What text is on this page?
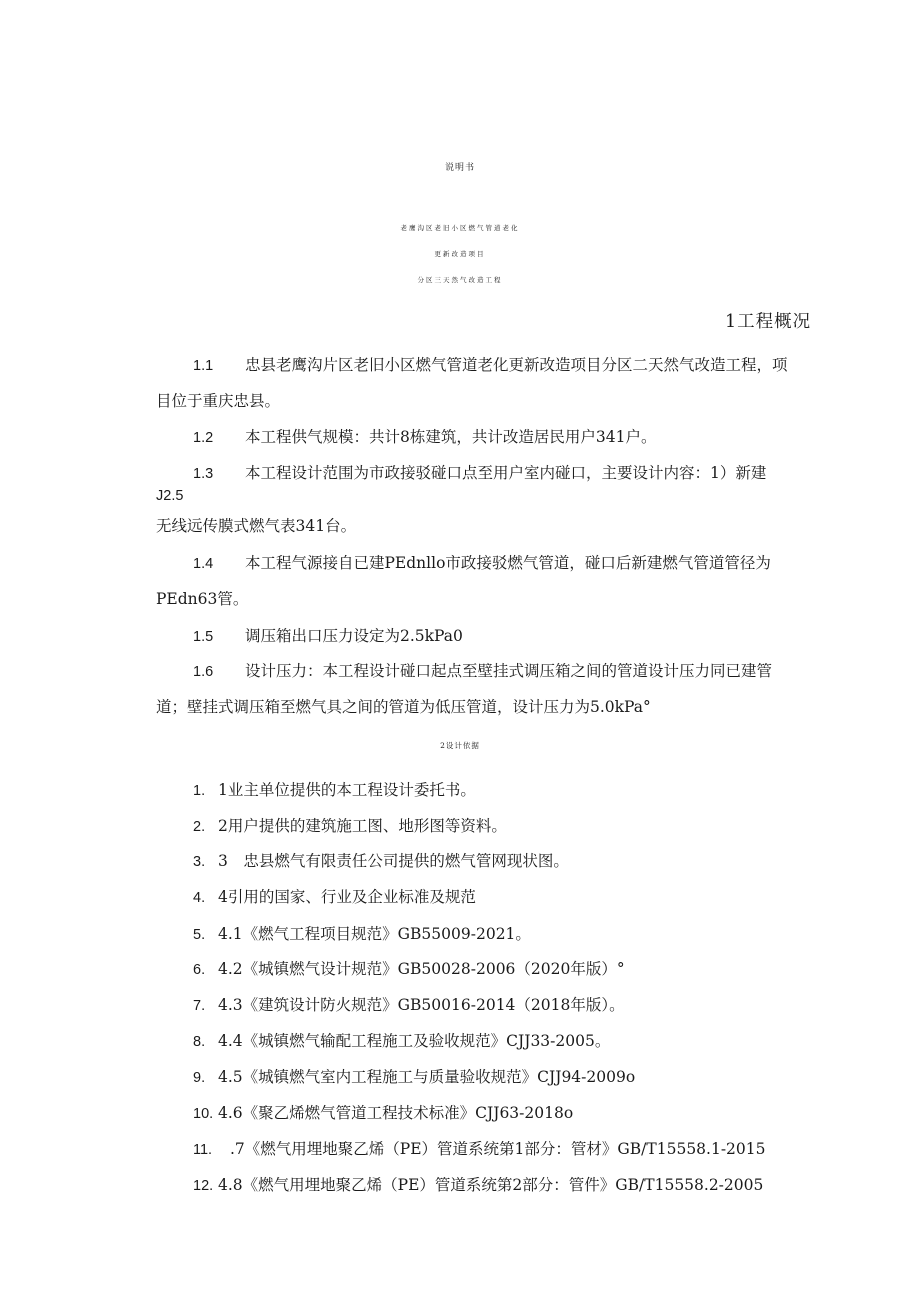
说明书
老鹰沟区老旧小区燃气管道老化
更新改造项目
分区三天然气改造工程
1工程概况
1.1 忠县老鹰沟片区老旧小区燃气管道老化更新改造项目分区二天然气改造工程，项
目位于重庆忠县。
1.2 本工程供气规模：共计8栋建筑，共计改造居民用户341户。
1.3 本工程设计范围为市政接驳碰口点至用户室内碰口，主要设计内容：1）新建
J2.5
无线远传膜式燃气表341台。
1.4 本工程气源接自已建PEdnllo市政接驳燃气管道，碰口后新建燃气管道管径为
PEdn63管。
1.5 调压箱出口压力设定为2.5kPa0
1.6 设计压力：本工程设计碰口起点至壁挂式调压箱之间的管道设计压力同已建管
道；壁挂式调压箱至燃气具之间的管道为低压管道，设计压力为5.0kPa°
2设计依据
1. 1业主单位提供的本工程设计委托书。
2. 2用户提供的建筑施工图、地形图等资料。
3. 3　忠县燃气有限责任公司提供的燃气管网现状图。
4. 4引用的国家、行业及企业标准及规范
5. 4.1《燃气工程项目规范》GB55009-2021。
6. 4.2《城镇燃气设计规范》GB50028-2006（2020年版）°
7. 4.3《建筑设计防火规范》GB50016-2014（2018年版）。
8. 4.4《城镇燃气输配工程施工及验收规范》CJJ33-2005。
9. 4.5《城镇燃气室内工程施工与质量验收规范》CJJ94-2009o
10. 4.6《聚乙烯燃气管道工程技术标准》CJJ63-2018o
11. .7《燃气用埋地聚乙烯（PE）管道系统第1部分：管材》GB/T15558.1-2015
12. 4.8《燃气用埋地聚乙烯（PE）管道系统第2部分：管件》GB/T15558.2-2005
